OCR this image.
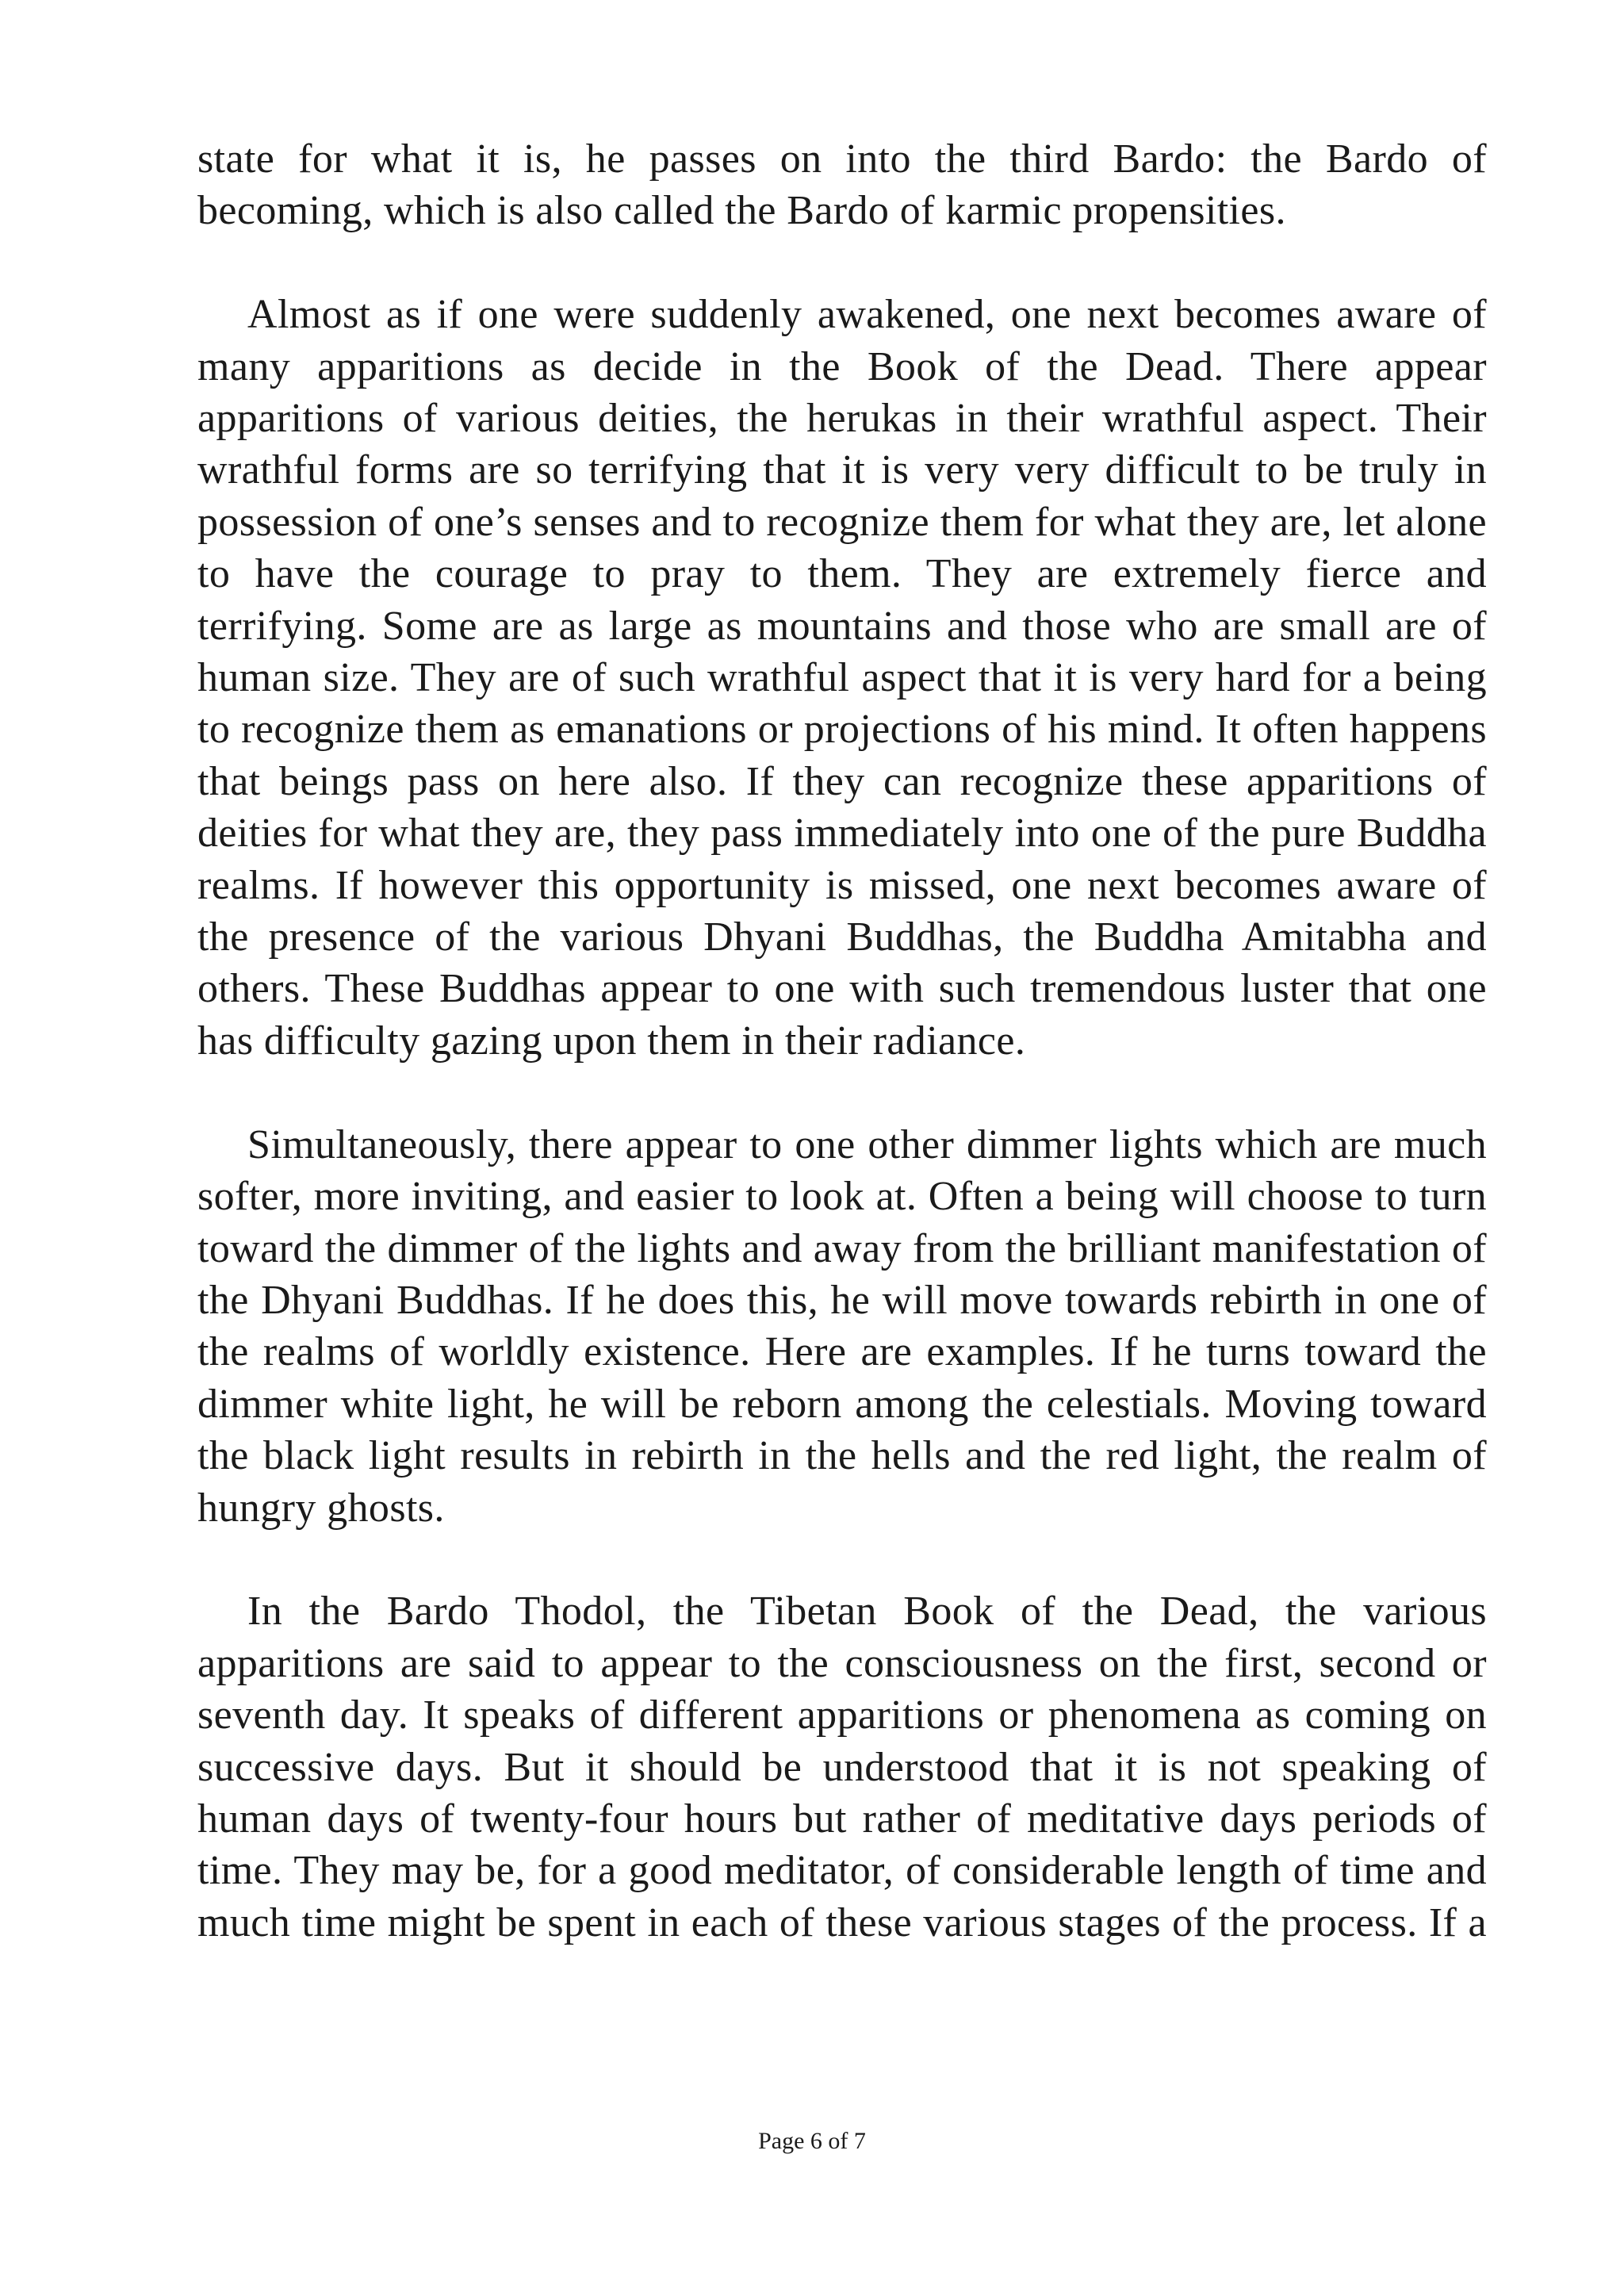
state for what it is, he passes on into the third Bardo: the Bardo of becoming, which is also called the Bardo of karmic propensities.

Almost as if one were suddenly awakened, one next becomes aware of many apparitions as decide in the Book of the Dead. There appear apparitions of various deities, the herukas in their wrathful aspect. Their wrathful forms are so terrifying that it is very very difficult to be truly in possession of one’s senses and to recognize them for what they are, let alone to have the courage to pray to them. They are extremely fierce and terrifying. Some are as large as mountains and those who are small are of human size. They are of such wrathful aspect that it is very hard for a being to recognize them as emanations or projections of his mind. It often happens that beings pass on here also. If they can recognize these apparitions of deities for what they are, they pass immediately into one of the pure Buddha realms. If however this opportunity is missed, one next becomes aware of the presence of the various Dhyani Buddhas, the Buddha Amitabha and others. These Buddhas appear to one with such tremendous luster that one has difficulty gazing upon them in their radiance.

Simultaneously, there appear to one other dimmer lights which are much softer, more inviting, and easier to look at. Often a being will choose to turn toward the dimmer of the lights and away from the brilliant manifestation of the Dhyani Buddhas. If he does this, he will move towards rebirth in one of the realms of worldly existence. Here are examples. If he turns toward the dimmer white light, he will be reborn among the celestials. Moving toward the black light results in rebirth in the hells and the red light, the realm of hungry ghosts.

In the Bardo Thodol, the Tibetan Book of the Dead, the various apparitions are said to appear to the consciousness on the first, second or seventh day. It speaks of different apparitions or phenomena as coming on successive days. But it should be understood that it is not speaking of human days of twenty-four hours but rather of meditative days periods of time. They may be, for a good meditator, of considerable length of time and much time might be spent in each of these various stages of the process. If a

Page 6 of 7
